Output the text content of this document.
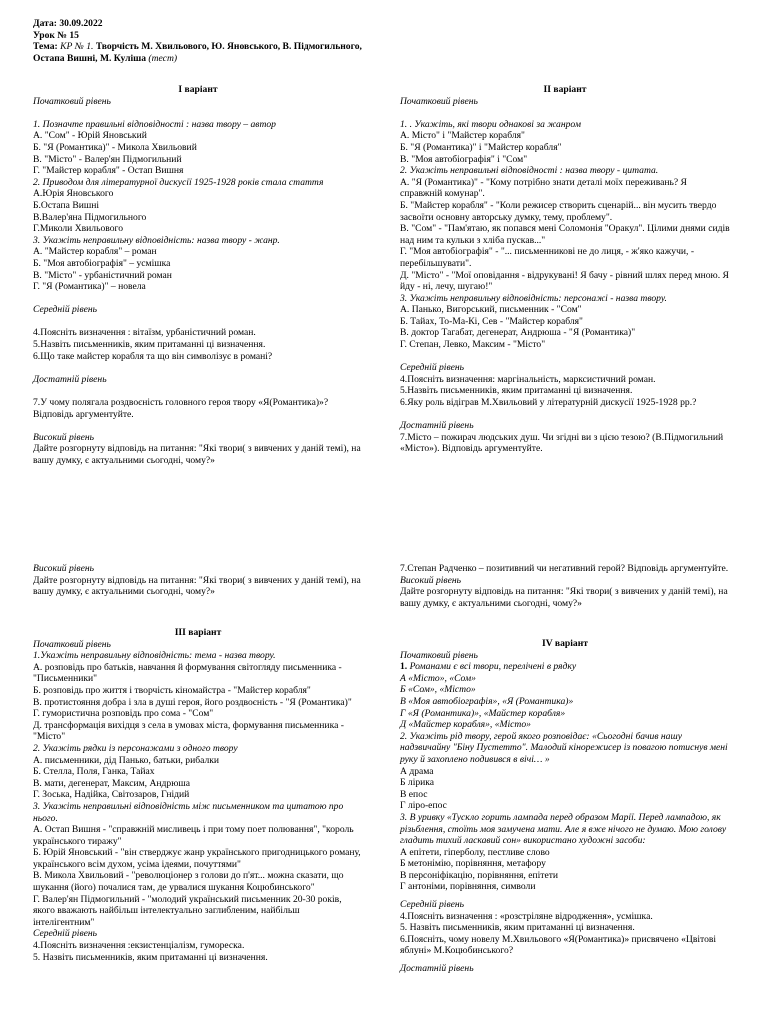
Дата: 30.09.2022

Урок № 15

Тема: КР № 1. Творчість М. Хвильового, Ю. Яновського, В. Підмогильного, Остапа Вишні, М. Куліша (тест)

І варіант

Початковий рівень

1. Позначте правильні відповідності : назва твору – автор

А. "Сом" - Юрій Яновський

Б. "Я (Романтика)" - Микола Хвильовий

В. "Місто" - Валер'ян Підмогильний

Г. "Майстер корабля" - Остап Вишня

2. Приводом для літературної дискусії 1925-1928 років стала стаття

А.Юрія Яновського

Б.Остапа Вишні

В.Валер'яна Підмогильного

Г.Миколи Хвильового

3. Укажіть неправильну відповідність: назва твору - жанр.

А. "Майстер корабля" – роман

Б. "Моя автобіографія" – усмішка

В. "Місто" - урбаністичний роман

Г. "Я (Романтика)" – новела

Середній рівень

4.Поясніть визначення : вітаїзм, урбаністичний роман.

5.Назвіть письменників, яким притаманні ці визначення.

6.Що таке майстер корабля та що він символізує в романі?

Достатній рівень

7.У чому полягала роздвоєність головного героя твору «Я(Романтика)»? Відповідь аргументуйте.

Високий рівень

Дайте розгорнуту відповідь на питання: "Які твори( з вивчених у даній темі), на вашу думку, є актуальними сьогодні, чому?»

Високий рівень

Дайте розгорнуту відповідь на питання: "Які твори( з вивчених у даній темі), на вашу думку, є актуальними сьогодні, чому?»

ІІ варіант

Початковий рівень

1. . Укажіть, які твори однакові за жанром

А. Місто" і "Майстер корабля"

Б. "Я (Романтика)" і "Майстер корабля"

В. "Моя автобіографія" і "Сом"

2. Укажіть неправильні відповідності : назва твору - цитата.

А. "Я (Романтика)" - "Кому потрібно знати деталі моїх переживань? Я справжній комунар".

Б. "Майстер корабля" - "Коли режисер створить сценарій... він мусить твердо засвоїти основну авторську думку, тему, проблему".

В. "Сом" - "Пам'ятаю, як попався мені Соломонія "Оракул". Цілими днями сидів над ним та кульки з хліба пускав..."

Г. "Моя автобіографія" - "... письменникові не до лиця, - ж'якo кажучи, - перебільшувати".

Д. "Місто" - "Мої оповідання - вiдрукувані! Я бачу - рівний шлях перед мною. Я йду - ні, лечу, шугаю!"

3. Укажіть неправильну відповідність: персонажі - назва твору.

А. Панько, Вигорський, письменник - "Сом"

Б. Тайах, То-Ма-Кі, Сев - "Майстер корабля"

В. доктор Тагабат, дегенерат, Андрюша - "Я (Романтика)"

Г. Степан, Левко, Максим - "Місто"

Середній рівень

4.Поясніть визначення: маргінальність, марксистичний роман.

5.Назвіть письменників, яким притаманні ці визначення.

6.Яку роль відіграв М.Хвильовий у літературній дискусії 1925-1928 рр.?

Достатній рівень

7.Місто – пожирач людських душ. Чи згідні ви з цією тезою? (В.Підмогильний «Місто»). Відповідь аргументуйте.

7.Степан Радченко – позитивний чи негативний герой? Відповідь аргументуйте.

Високий рівень

Дайте розгорнуту відповідь на питання: "Які твори( з вивчених у даній темі), на вашу думку, є актуальними сьогодні, чому?»

ІІІ варіант

Початковий рівень

1.Укажіть неправильну відповідність: тема - назва твору.

А. розповідь про батьків, навчання й формування світогляду письменника - "Письменники"

Б. розповідь про життя і творчість кіномайстра - "Майстер корабля"

В. протистояння добра і зла в душі героя, його роздвоєність - "Я (Романтика)"

Г. гумористична розповідь про сома - "Сом"

Д. трансформація вихідця з села в умовах міста, формування письменника - "Місто"

2. Укажіть рядки із персонажами з одного твору

А. письменники, дід Панько, батьки, рибалки

Б. Стелла, Поля, Ганка, Тайах

В. мати, дегенерат, Максим, Андрюша

Г. Зоська, Надійка, Світозаров, Гнідий

3. Укажіть неправильні відповідність між письменником та цитатою про нього.

А. Остап Вишня - "справжній мисливець і при тому поет полювання", "король українського тиражу"

Б. Юрій Яновський - "він стверджує жанр українського пригодницького роману, українського всім духом, усіма ідеями, почуттями"

В. Микола Хвильовий - "революціонер з голови до п'ят... можна сказати, що шукання (його) почалися там, де урвалися шукання Коцюбинського"

Г. Валер'ян Підмогильний - "молодий український письменник 20-30 років, якого вважають найбільш інтелектуально заглибленим, найбільш інтелігентним"

Середній рівень

4.Поясніть визначення :екзистенціалізм, гумореска.

5. Назвіть письменників, яким притаманні ці визначення.

ІV варіант

Початковий рівень

1. Романами є всі твори, перелічені в рядку

А «Місто», «Сом»

Б «Сом», «Місто»

В «Моя автобіографія», «Я (Романтика)»

Г «Я (Романтика)», «Майстер корабля»

Д «Майстер корабля», «Місто»

2. Укажіть рід твору, герой якого розповідає: «Сьогодні бачив нашу надзвичайну "Біну Пустетто". Малодий кінорежисер із повагою потиснув мені руку й захоплено подивився в вічі… »

А драма

Б лірика

В епос

Г ліро-епос

3. В уривку «Тускло горить лампада перед образом Марії. Перед лампадою, як різьблення, стоїть моя замучена мати. Але я вже нічого не думаю. Мою голову гладить тихий ласкавий сон» використано художні засоби:

А епітети, гіперболу, пестливе слово

Б метонімію, порівняння, метафору

В персоніфікацію, порівняння, епітети

Г антоніми, порівняння, символи

Середній рівень

4.Поясніть визначення : «розстріляне відродження», усмішка.

5. Назвіть письменників, яким притаманні ці визначення.

6.Поясніть, чому новелу М.Хвильового «Я(Романтика)» присвячено «Цвітові яблуні» М.Коцюбинського?

Достатній рівень
